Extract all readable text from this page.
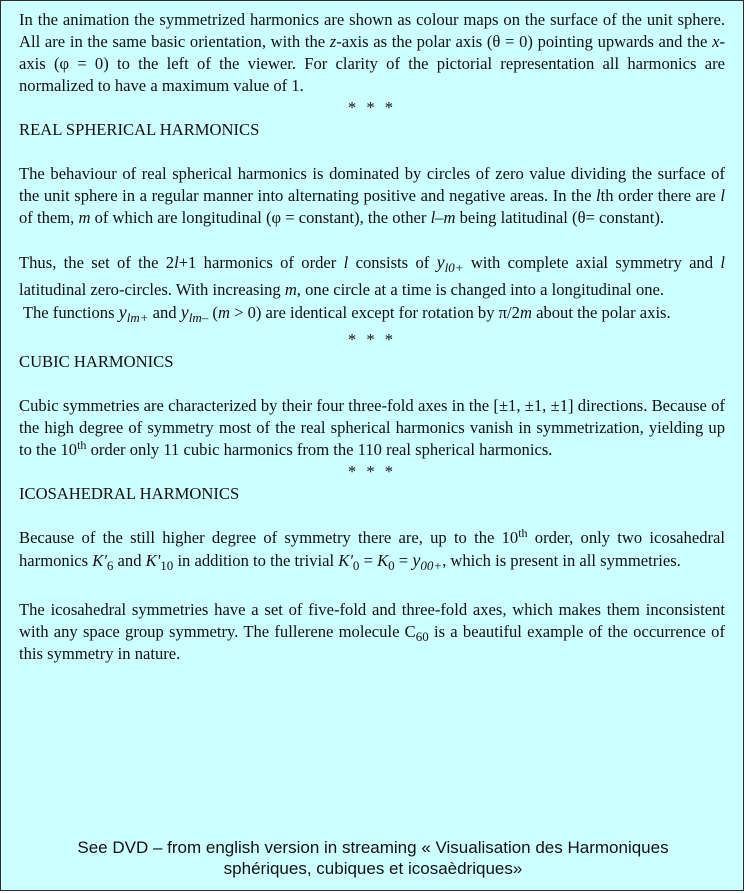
In the animation the symmetrized harmonics are shown as colour maps on the surface of the unit sphere. All are in the same basic orientation, with the z-axis as the polar axis (θ = 0) pointing upwards and the x-axis (φ = 0) to the left of the viewer. For clarity of the pictorial representation all harmonics are normalized to have a maximum value of 1.

* * *

REAL SPHERICAL HARMONICS

The behaviour of real spherical harmonics is dominated by circles of zero value dividing the surface of the unit sphere in a regular manner into alternating positive and negative areas. In the lth order there are l of them, m of which are longitudinal (φ = constant), the other l–m being latitudinal (θ= constant).

Thus, the set of the 2l+1 harmonics of order l consists of $y_{l0+}$ with complete axial symmetry and l latitudinal zero-circles. With increasing m, one circle at a time is changed into a longitudinal one.
The functions $y_{lm+}$ and $y_{lm-}$ (m > 0) are identical except for rotation by π/2m about the polar axis.

* * *

CUBIC HARMONICS

Cubic symmetries are characterized by their four three-fold axes in the [±1, ±1, ±1] directions. Because of the high degree of symmetry most of the real spherical harmonics vanish in symmetrization, yielding up to the 10th order only 11 cubic harmonics from the 110 real spherical harmonics.

* * *

ICOSAHEDRAL HARMONICS

Because of the still higher degree of symmetry there are, up to the 10th order, only two icosahedral harmonics $K'_6$ and $K'_{10}$ in addition to the trivial $K'_0 = K_0 = y_{00+}$, which is present in all symmetries.

The icosahedral symmetries have a set of five-fold and three-fold axes, which makes them inconsistent with any space group symmetry. The fullerene molecule $C_{60}$ is a beautiful example of the occurrence of this symmetry in nature.

See DVD – from english version in streaming « Visualisation des Harmoniques
sphériques, cubiques et icosaèdriques»
